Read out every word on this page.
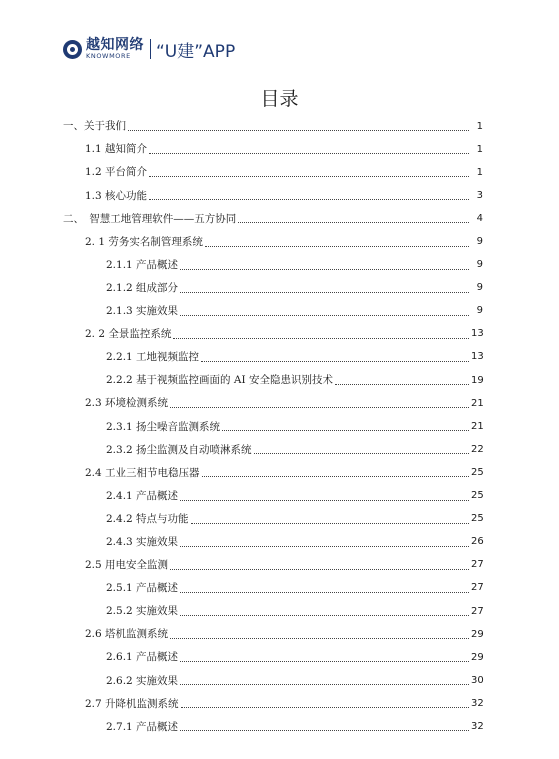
越知网络
KNOWMORE	“U建”APP
目录
一、关于我们	1
1.1 越知简介	1
1.2 平台简介	1
1.3 核心功能	3
二、　智慧工地管理软件——五方协同	4
2. 1 劳务实名制管理系统	9
2.1.1 产品概述	9
2.1.2 组成部分	9
2.1.3 实施效果	9
2. 2 全景监控系统	13
2.2.1 工地视频监控	13
2.2.2 基于视频监控画面的 AI 安全隐患识别技术	19
2.3 环境检测系统	21
2.3.1 扬尘噪音监测系统	21
2.3.2 扬尘监测及自动喷淋系统	22
2.4 工业三相节电稳压器	25
2.4.1 产品概述	25
2.4.2 特点与功能	25
2.4.3 实施效果	26
2.5 用电安全监测	27
2.5.1 产品概述	27
2.5.2 实施效果	27
2.6 塔机监测系统	29
2.6.1 产品概述	29
2.6.2 实施效果	30
2.7 升降机监测系统	32
2.7.1 产品概述	32
